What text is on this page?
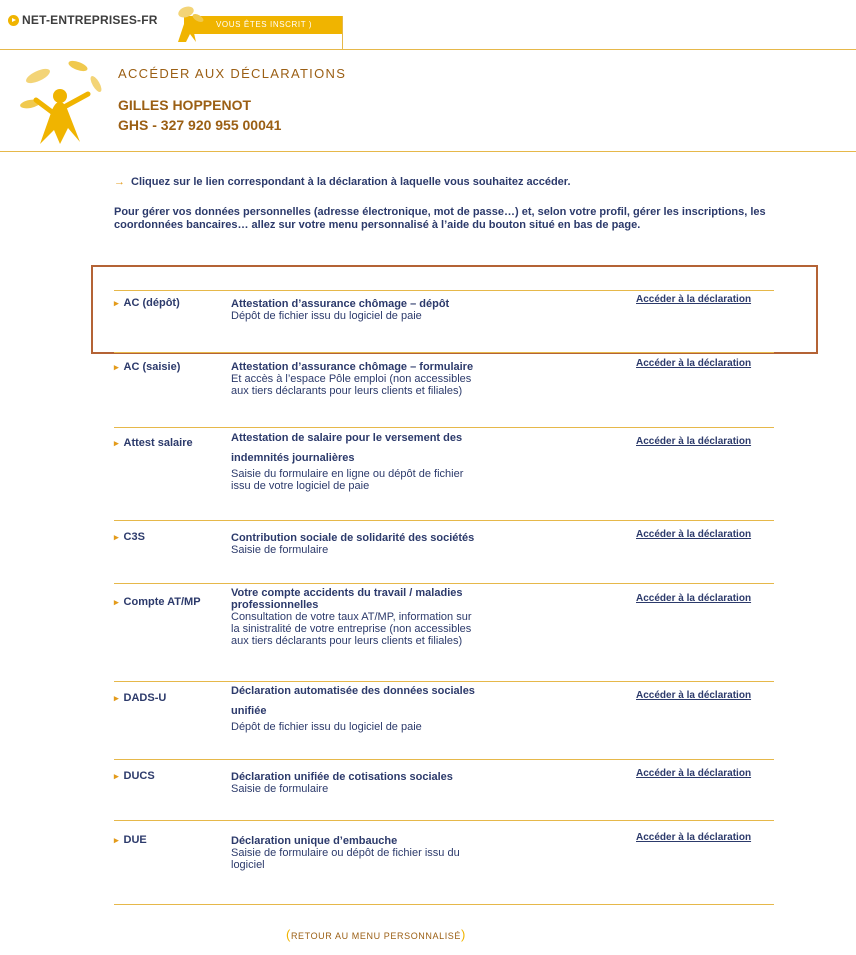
NET-ENTREPRISES-FR	VOUS ÊTES INSCRIT )
ACCÉDER AUX DÉCLARATIONS
GILLES HOPPENOT
GHS - 327 920 955 00041
→ Cliquez sur le lien correspondant à la déclaration à laquelle vous souhaitez accéder.
Pour gérer vos données personnelles (adresse électronique, mot de passe…) et, selon votre profil, gérer les inscriptions, les coordonnées bancaires… allez sur votre menu personnalisé à l’aide du bouton situé en bas de page.
▸ AC (dépôt)	Attestation d’assurance chômage – dépôt
Dépôt de fichier issu du logiciel de paie
Accéder à la déclaration
▸ AC (saisie)	Attestation d’assurance chômage – formulaire
Et accès à l’espace Pôle emploi (non accessibles
aux tiers déclarants pour leurs clients et filiales)
Accéder à la déclaration
▸ Attest salaire	Attestation de salaire pour le versement des
indemnités journalières
Saisie du formulaire en ligne ou dépôt de fichier
issu de votre logiciel de paie
Accéder à la déclaration
▸ C3S	Contribution sociale de solidarité des sociétés
Saisie de formulaire
Accéder à la déclaration
▸ Compte AT/MP
Votre compte accidents du travail / maladies
professionnelles
Consultation de votre taux AT/MP, information sur
la sinistralité de votre entreprise (non accessibles
aux tiers déclarants pour leurs clients et filiales)
Accéder à la déclaration
▸ DADS-U
Déclaration automatisée des données sociales
unifiée
Dépôt de fichier issu du logiciel de paie
Accéder à la déclaration
▸ DUCS	Déclaration unifiée de cotisations sociales
Saisie de formulaire
Accéder à la déclaration
▸ DUE	Déclaration unique d’embauche
Saisie de formulaire ou dépôt de fichier issu du
logiciel
Accéder à la déclaration
(RETOUR AU MENU PERSONNALISÉ)
